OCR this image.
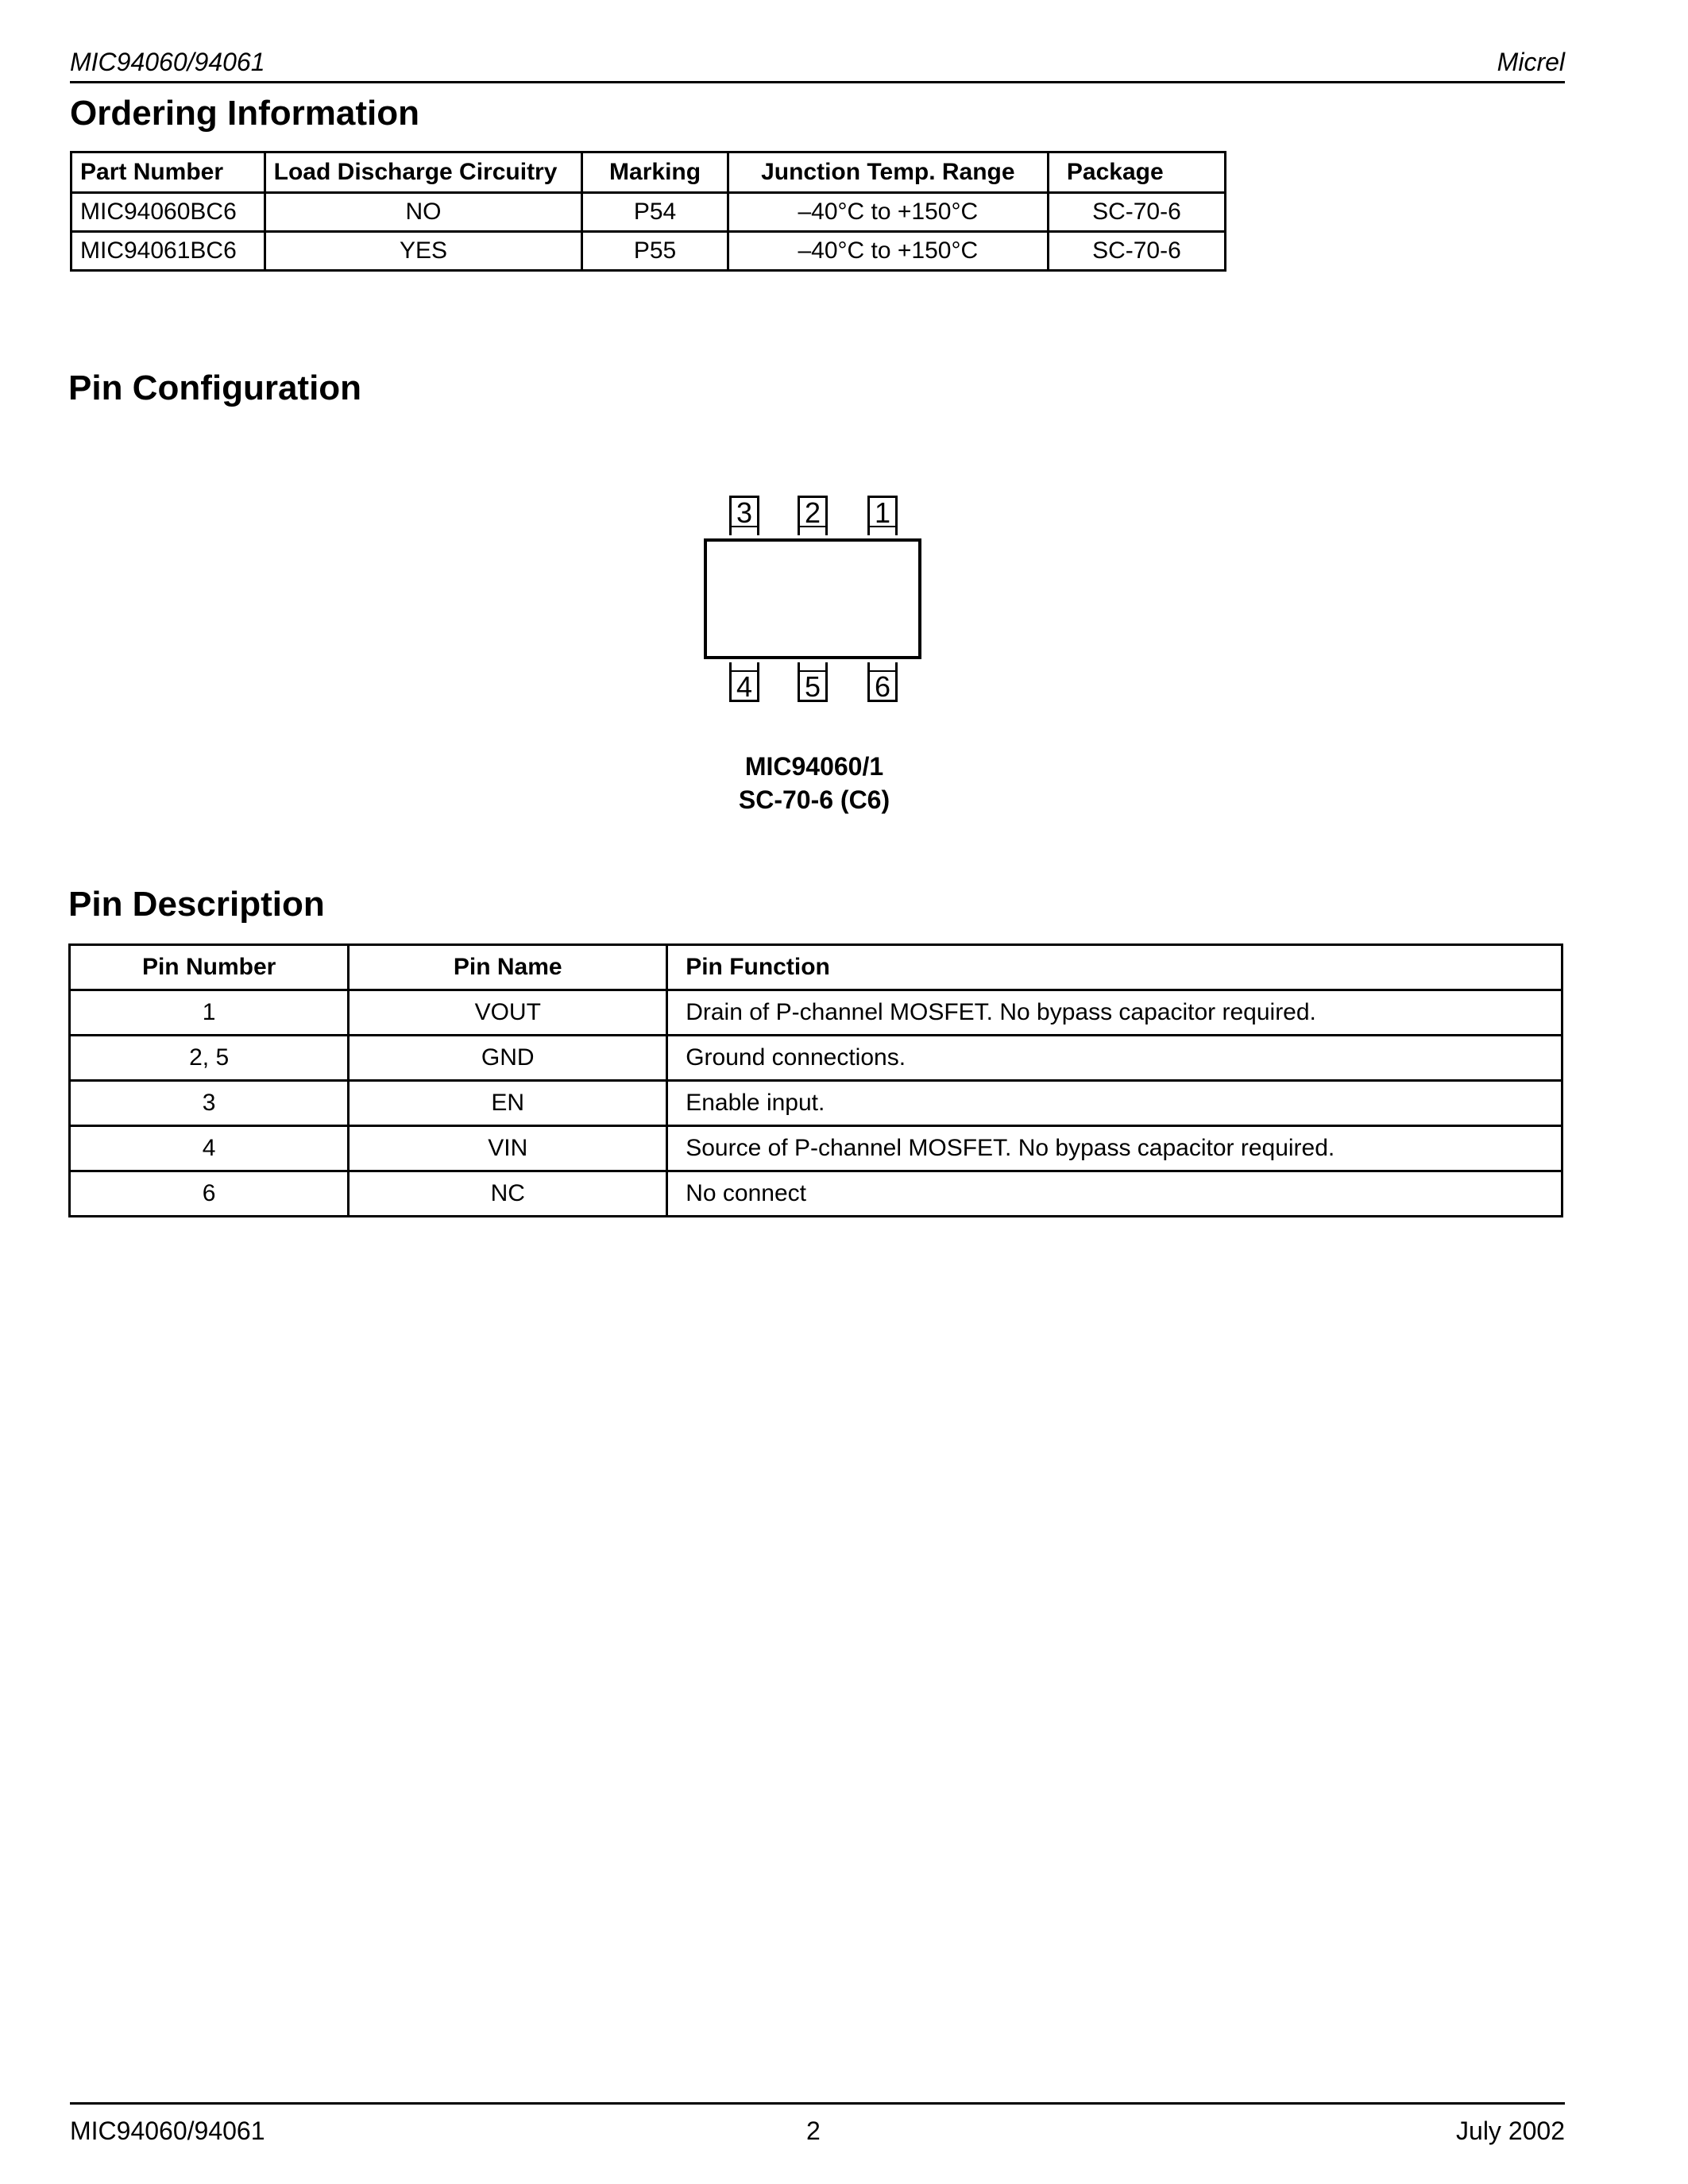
MIC94060/94061	Micrel
Ordering Information
Part Number	Load Discharge Circuitry	Marking	Junction Temp. Range	Package
MIC94060BC6	NO	P54	–40°C to +150°C	SC-70-6
MIC94061BC6	YES	P55	–40°C to +150°C	SC-70-6
Pin Configuration
3 2 1
4 5 6
MIC94060/1
SC-70-6 (C6)
Pin Description
Pin Number	Pin Name	Pin Function
1	VOUT	Drain of P-channel MOSFET. No bypass capacitor required.
2, 5	GND	Ground connections.
3	EN	Enable input.
4	VIN	Source of P-channel MOSFET. No bypass capacitor required.
6	NC	No connect
MIC94060/94061	2	July 2002
